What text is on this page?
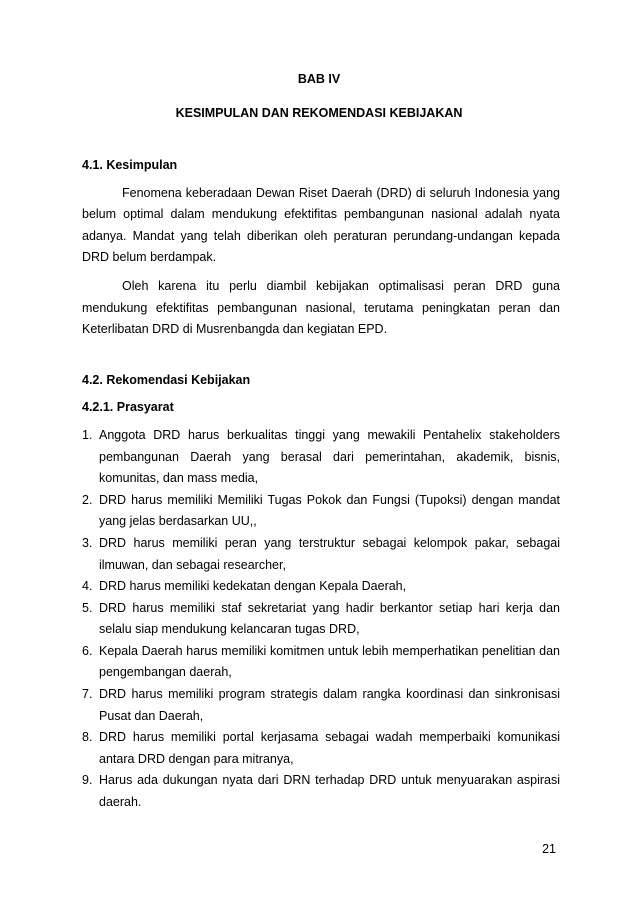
BAB IV
KESIMPULAN DAN REKOMENDASI KEBIJAKAN

4.1. Kesimpulan

Fenomena keberadaan Dewan Riset Daerah (DRD) di seluruh Indonesia yang belum optimal dalam mendukung efektifitas pembangunan nasional adalah nyata adanya. Mandat yang telah diberikan oleh peraturan perundang-undangan kepada DRD belum berdampak.

Oleh karena itu perlu diambil kebijakan optimalisasi peran DRD guna mendukung efektifitas pembangunan nasional, terutama peningkatan peran dan Keterlibatan DRD di Musrenbangda dan kegiatan EPD.

4.2. Rekomendasi Kebijakan

4.2.1. Prasyarat

1. Anggota DRD harus berkualitas tinggi yang mewakili Pentahelix stakeholders pembangunan Daerah yang berasal dari pemerintahan, akademik, bisnis, komunitas, dan mass media,
2. DRD harus memiliki Memiliki Tugas Pokok dan Fungsi (Tupoksi) dengan mandat yang jelas berdasarkan UU,,
3. DRD harus memiliki peran yang terstruktur sebagai kelompok pakar, sebagai ilmuwan, dan sebagai researcher,
4. DRD harus memiliki kedekatan dengan Kepala Daerah,
5. DRD harus memiliki staf sekretariat yang hadir berkantor setiap hari kerja dan selalu siap mendukung kelancaran tugas DRD,
6. Kepala Daerah harus memiliki komitmen untuk lebih memperhatikan penelitian dan pengembangan daerah,
7. DRD harus memiliki program strategis dalam rangka koordinasi dan sinkronisasi Pusat dan Daerah,
8. DRD harus memiliki portal kerjasama sebagai wadah memperbaiki komunikasi antara DRD dengan para mitranya,
9. Harus ada dukungan nyata dari DRN terhadap DRD untuk menyuarakan aspirasi daerah.
21
